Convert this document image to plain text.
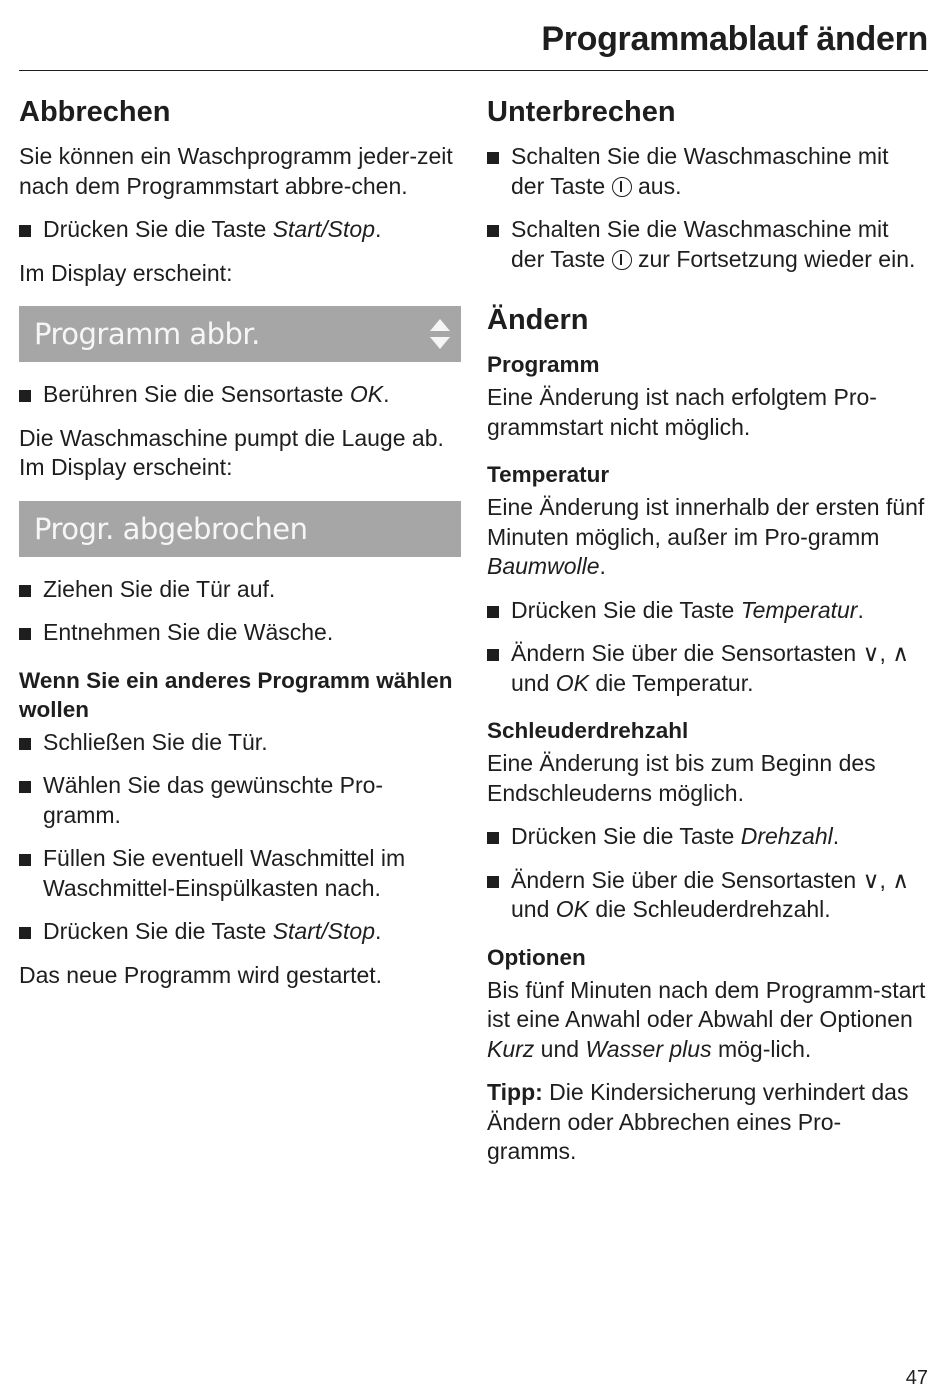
Programmablauf ändern
Abbrechen

Sie können ein Waschprogramm jeder-zeit nach dem Programmstart abbre-chen.

Drücken Sie die Taste Start/Stop.

Im Display erscheint:

Programm abbr.
Berühren Sie die Sensortaste OK.

Die Waschmaschine pumpt die Lauge ab. Im Display erscheint:

Progr. abgebrochen
Ziehen Sie die Tür auf.
Entnehmen Sie die Wäsche.
Wenn Sie ein anderes Programm wählen wollen
Schließen Sie die Tür.
Wählen Sie das gewünschte Pro-gramm.
Füllen Sie eventuell Waschmittel im Waschmittel-Einspülkasten nach.
Drücken Sie die Taste Start/Stop.

Das neue Programm wird gestartet.

Unterbrechen
Schalten Sie die Waschmaschine mit der Taste  aus.
Schalten Sie die Waschmaschine mit der Taste  zur Fortsetzung wieder ein.
Ändern
Programm

Eine Änderung ist nach erfolgtem Pro-grammstart nicht möglich.

Temperatur

Eine Änderung ist innerhalb der ersten fünf Minuten möglich, außer im Pro-gramm Baumwolle.

Drücken Sie die Taste Temperatur.
Ändern Sie über die Sensortasten ∨, ∧ und OK die Temperatur.
Schleuderdrehzahl

Eine Änderung ist bis zum Beginn des Endschleuderns möglich.

Drücken Sie die Taste Drehzahl.
Ändern Sie über die Sensortasten ∨, ∧ und OK die Schleuderdrehzahl.
Optionen

Bis fünf Minuten nach dem Programm-start ist eine Anwahl oder Abwahl der Optionen Kurz und Wasser plus mög-lich.

Tipp: Die Kindersicherung verhindert das Ändern oder Abbrechen eines Pro-gramms.

47
